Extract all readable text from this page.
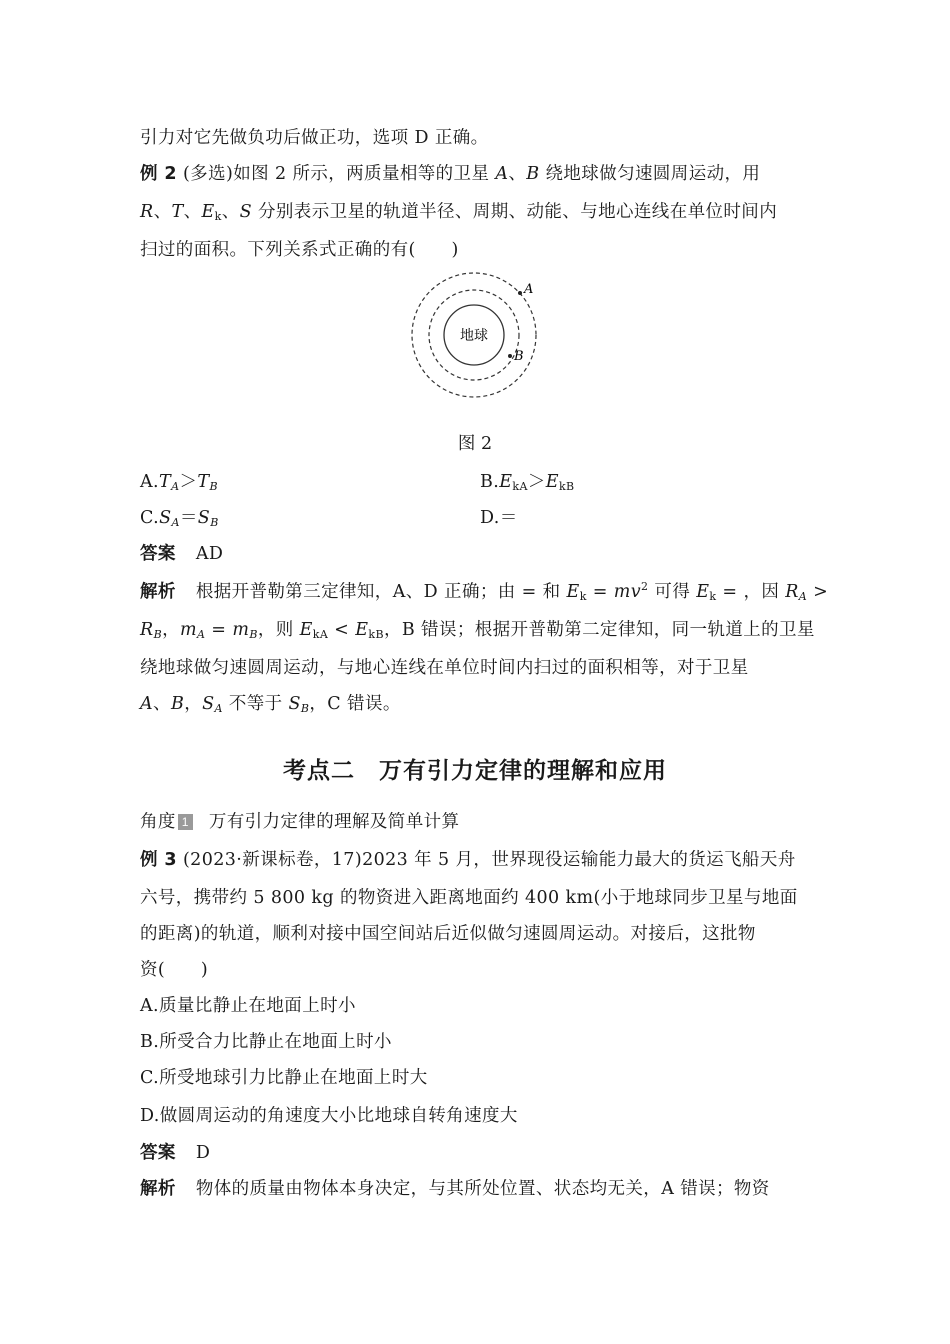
引力对它先做负功后做正功，选项 D 正确。
例 2 (多选)如图 2 所示，两质量相等的卫星 A、B 绕地球做匀速圆周运动，用
R、T、$E_k$、S 分别表示卫星的轨道半径、周期、动能、与地心连线在单位时间内
扫过的面积。下列关系式正确的有(　　)
地球
A
B
图 2
$A.T_A>T_B$	$B.E_{kA}>E_{kB}$
$C.S_A=S_B$	D.＝
答案 AD
解析 根据开普勒第三定律知，A、D 正确；由 = 和 $E_k = mv^2$ 可得 $E_k$ = ，因 $R_A$ >
$R_B$，$m_A = m_B$，则 $E_{kA} < E_{kB}$，B 错误；根据开普勒第二定律知，同一轨道上的卫星
绕地球做匀速圆周运动，与地心连线在单位时间内扫过的面积相等，对于卫星
A、B，$S_A$ 不等于 $S_B$，C 错误。
考点二　万有引力定律的理解和应用
角度 1 万有引力定律的理解及简单计算
例 3 (2023·新课标卷，17)2023 年 5 月，世界现役运输能力最大的货运飞船天舟
六号，携带约 5 800 kg 的物资进入距离地面约 400 km(小于地球同步卫星与地面
的距离)的轨道，顺利对接中国空间站后近似做匀速圆周运动。对接后，这批物
资(　　)
A.质量比静止在地面上时小
B.所受合力比静止在地面上时小
C.所受地球引力比静止在地面上时大
D.做圆周运动的角速度大小比地球自转角速度大
答案 D
解析 物体的质量由物体本身决定，与其所处位置、状态均无关，A 错误；物资
